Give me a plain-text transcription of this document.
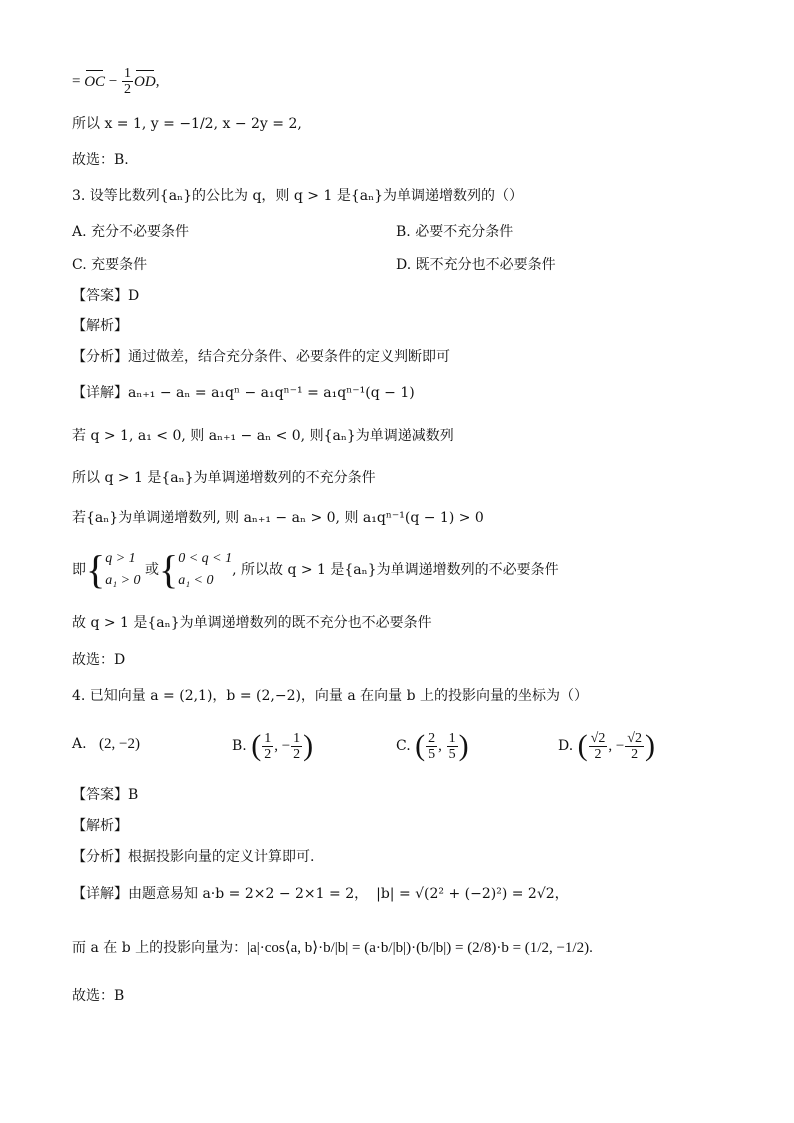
= OC − $\frac{1}{2}$ OD,
所以 x = 1, y = −1/2, x − 2y = 2,
故选：B.
3. 设等比数列{aₙ}的公比为 q，则 q > 1 是{aₙ}为单调递增数列的（）
A. 充分不必要条件	B. 必要不充分条件
C. 充要条件	D. 既不充分也不必要条件
【答案】D
【解析】
【分析】通过做差，结合充分条件、必要条件的定义判断即可
【详解】aₙ₊₁ − aₙ = a₁qⁿ − a₁qⁿ⁻¹ = a₁qⁿ⁻¹(q − 1)
若 q > 1, a₁ < 0, 则 aₙ₊₁ − aₙ < 0, 则{aₙ}为单调递减数列
所以 q > 1 是{aₙ}为单调递增数列的不充分条件
若{aₙ}为单调递增数列, 则 aₙ₊₁ − aₙ > 0, 则 a₁qⁿ⁻¹(q − 1) > 0
即{ q > 1
a₁ > 0
或{ 0 < q < 1
a₁ < 0
, 所以故 q > 1 是{aₙ}为单调递增数列的不必要条件
故 q > 1 是{aₙ}为单调递增数列的既不充分也不必要条件
故选：D
4. 已知向量 a = (2,1)，b = (2,−2)，向量 a 在向量 b 上的投影向量的坐标为（）
A. (2, −2)	B. ( $\frac{1}{2}$ , − $\frac{1}{2}$ )	C. ( $\frac{2}{5}$ , $\frac{1}{5}$ )	D. ( $\frac{√2}{2}$ , − $\frac{√2}{2}$ )
【答案】B
【解析】
【分析】根据投影向量的定义计算即可.
【详解】由题意易知 a·b = 2×2 − 2×1 = 2， |b| = √(2² + (−2)²) = 2√2，
而 a 在 b 上的投影向量为：|a|·cos⟨a, b⟩·b/|b| = (a·b/|b|)·(b/|b|) = (2/8)·b = (1/2, −1/2).
故选：B
